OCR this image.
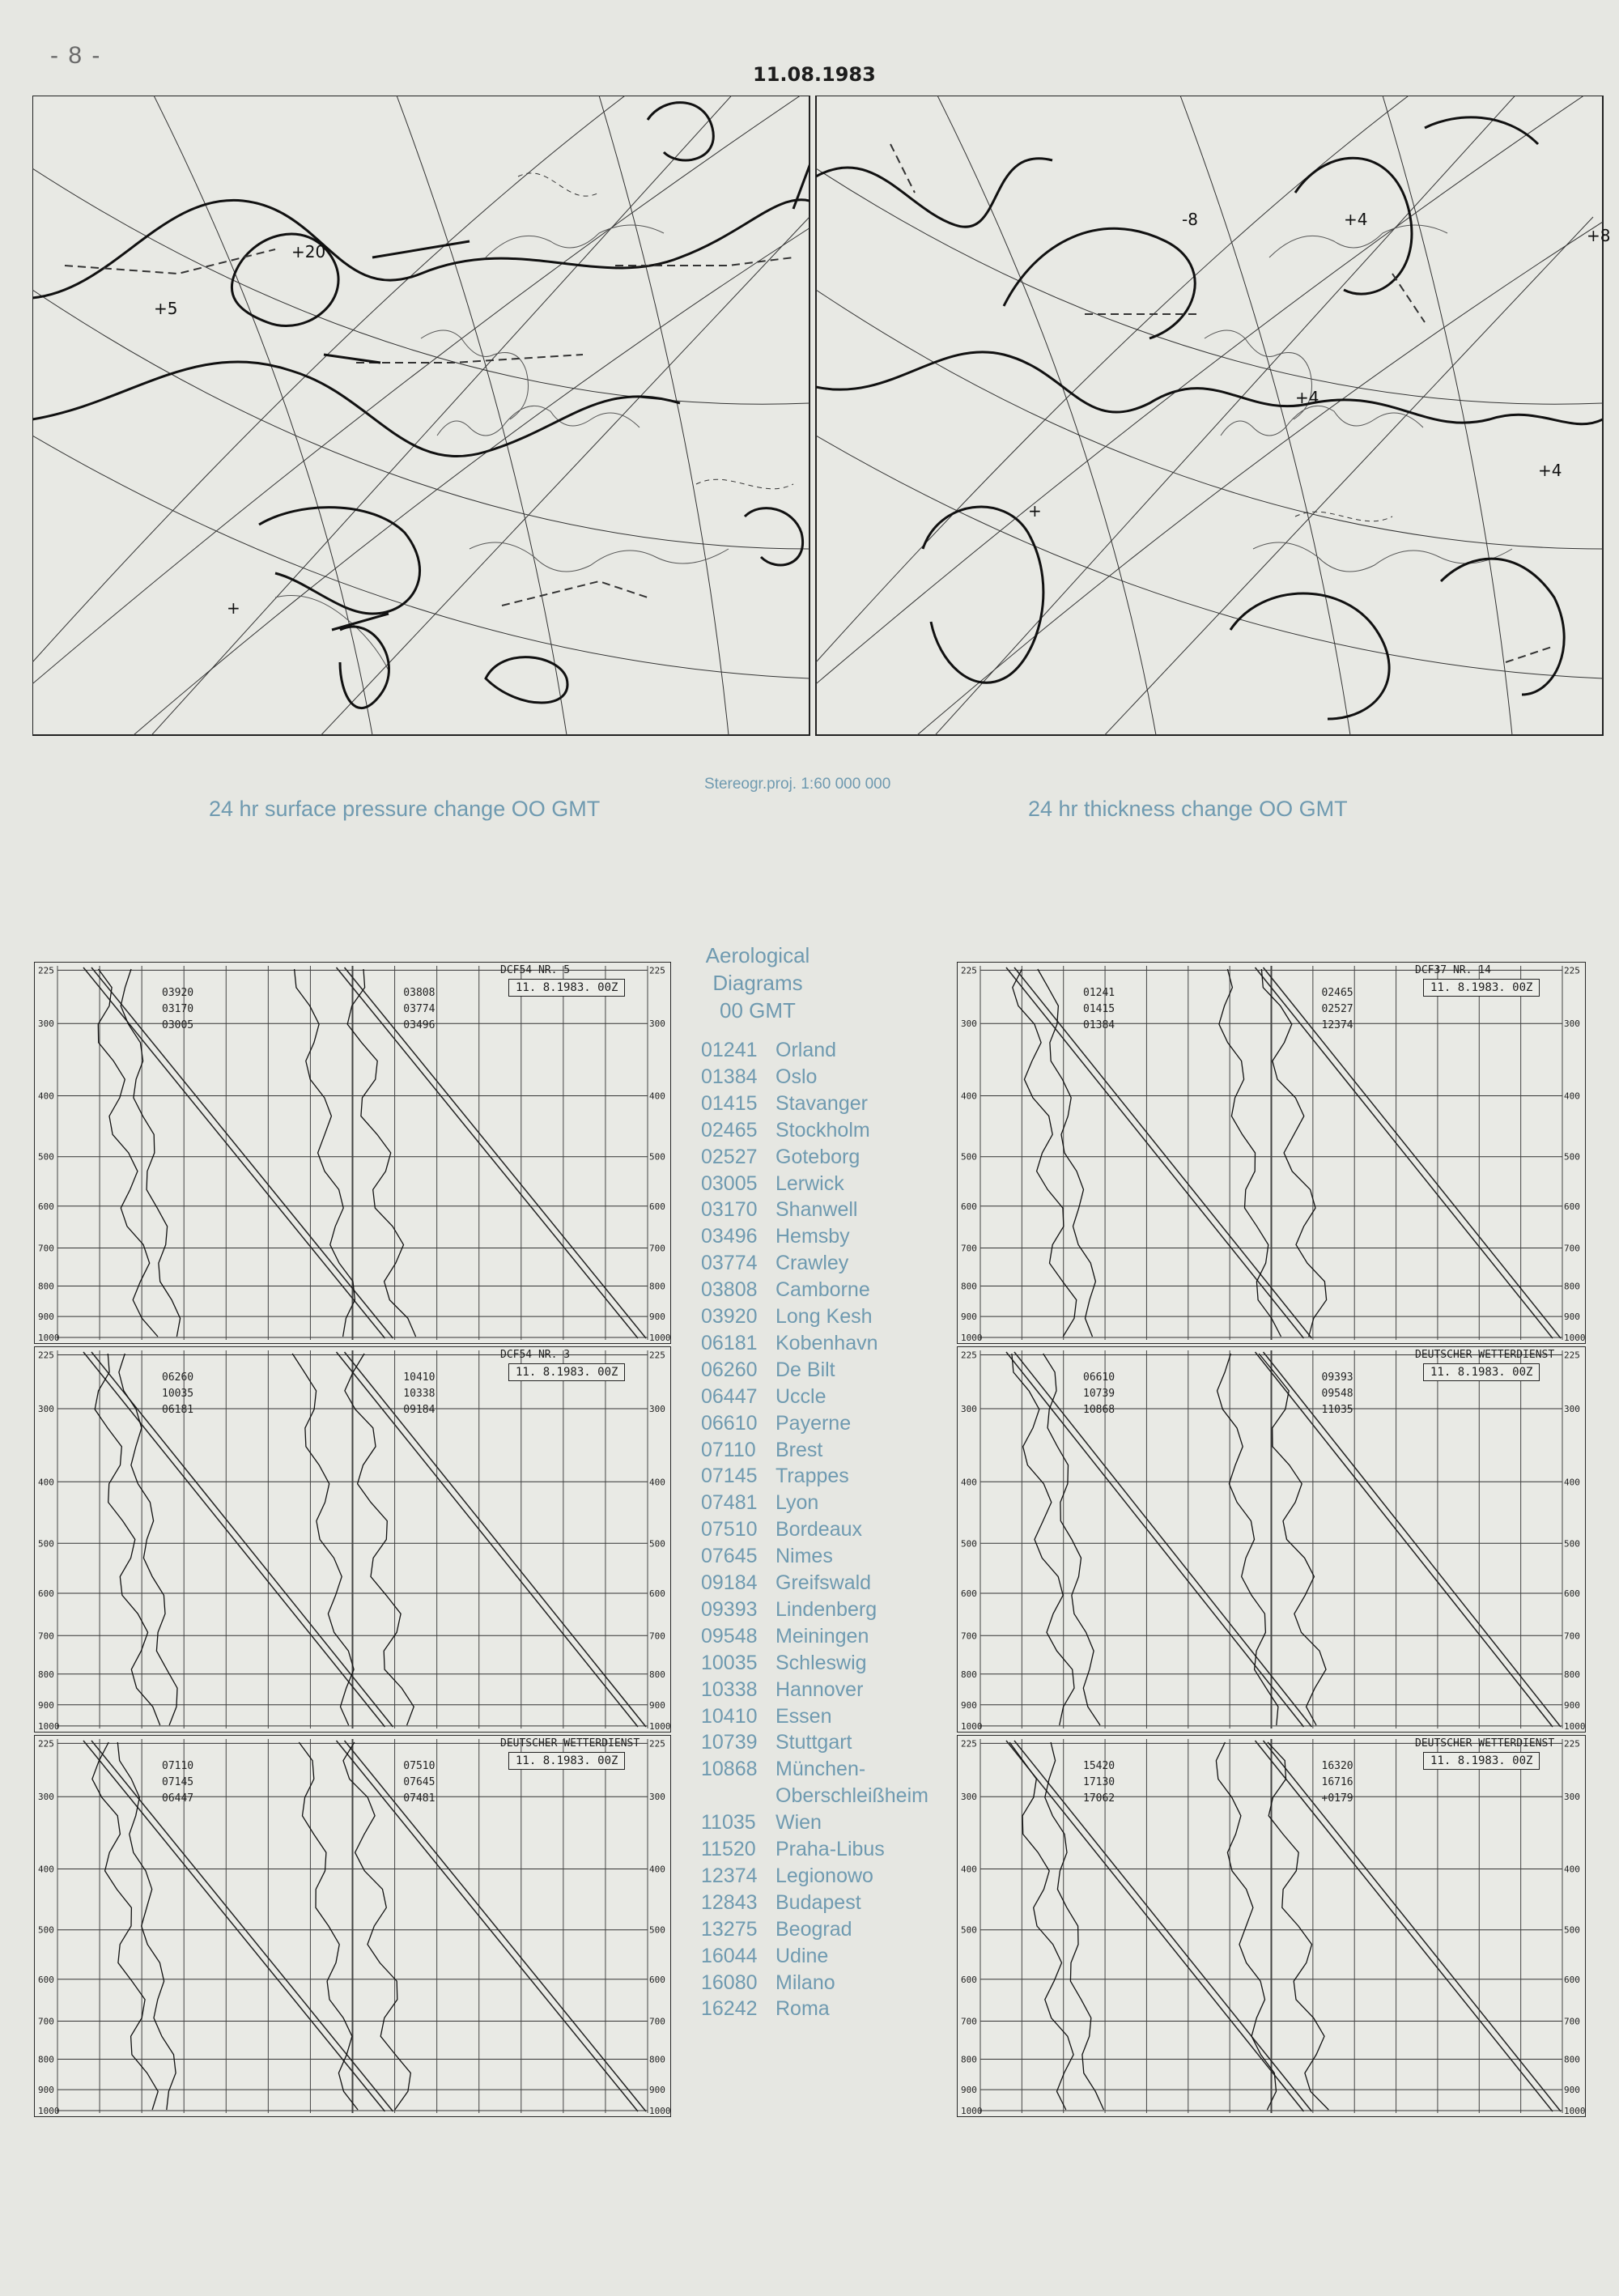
- 8 -
11.08.1983
+20
+5
+
+
+4
+4
+4
+8
-8
24 hr surface pressure change OO GMT	24 hr thickness change OO GMT
Stereogr.proj. 1:60 000 000
225	225
300	300
400	400
500	500
600	600
700	700
800	800
900	900
1000	1000
DCF54 NR. 5
11. 8.1983. 00Z
03920
03170
03005
03808
03774
03496
225	225
300	300
400	400
500	500
600	600
700	700
800	800
900	900
1000	1000
DCF54 NR. 3
11. 8.1983. 00Z
06260
10035
06181
10410
10338
09184
225	225
300	300
400	400
500	500
600	600
700	700
800	800
900	900
1000	1000
DEUTSCHER WETTERDIENST
11. 8.1983. 00Z
07110
07145
06447
07510
07645
07481
225	225
300	300
400	400
500	500
600	600
700	700
800	800
900	900
1000	1000
DCF37 NR. 14
11. 8.1983. 00Z
01241
01415
01384
02465
02527
12374
225	225
300	300
400	400
500	500
600	600
700	700
800	800
900	900
1000	1000
DEUTSCHER WETTERDIENST
11. 8.1983. 00Z
06610
10739
10868
09393
09548
11035
225	225
300	300
400	400
500	500
600	600
700	700
800	800
900	900
1000	1000
DEUTSCHER WETTERDIENST
11. 8.1983. 00Z
15420
17130
17062
16320
16716
+0179
Aerological
Diagrams
00 GMT
01241 Orland
01384 Oslo
01415 Stavanger
02465 Stockholm
02527 Goteborg
03005 Lerwick
03170 Shanwell
03496 Hemsby
03774 Crawley
03808 Camborne
03920 Long Kesh
06181 Kobenhavn
06260 De Bilt
06447 Uccle
06610 Payerne
07110 Brest
07145 Trappes
07481 Lyon
07510 Bordeaux
07645 Nimes
09184 Greifswald
09393 Lindenberg
09548 Meiningen
10035 Schleswig
10338 Hannover
10410 Essen
10739 Stuttgart
10868 München-
Oberschleißheim
11035 Wien
11520 Praha-Libus
12374 Legionowo
12843 Budapest
13275 Beograd
16044 Udine
16080 Milano
16242 Roma
